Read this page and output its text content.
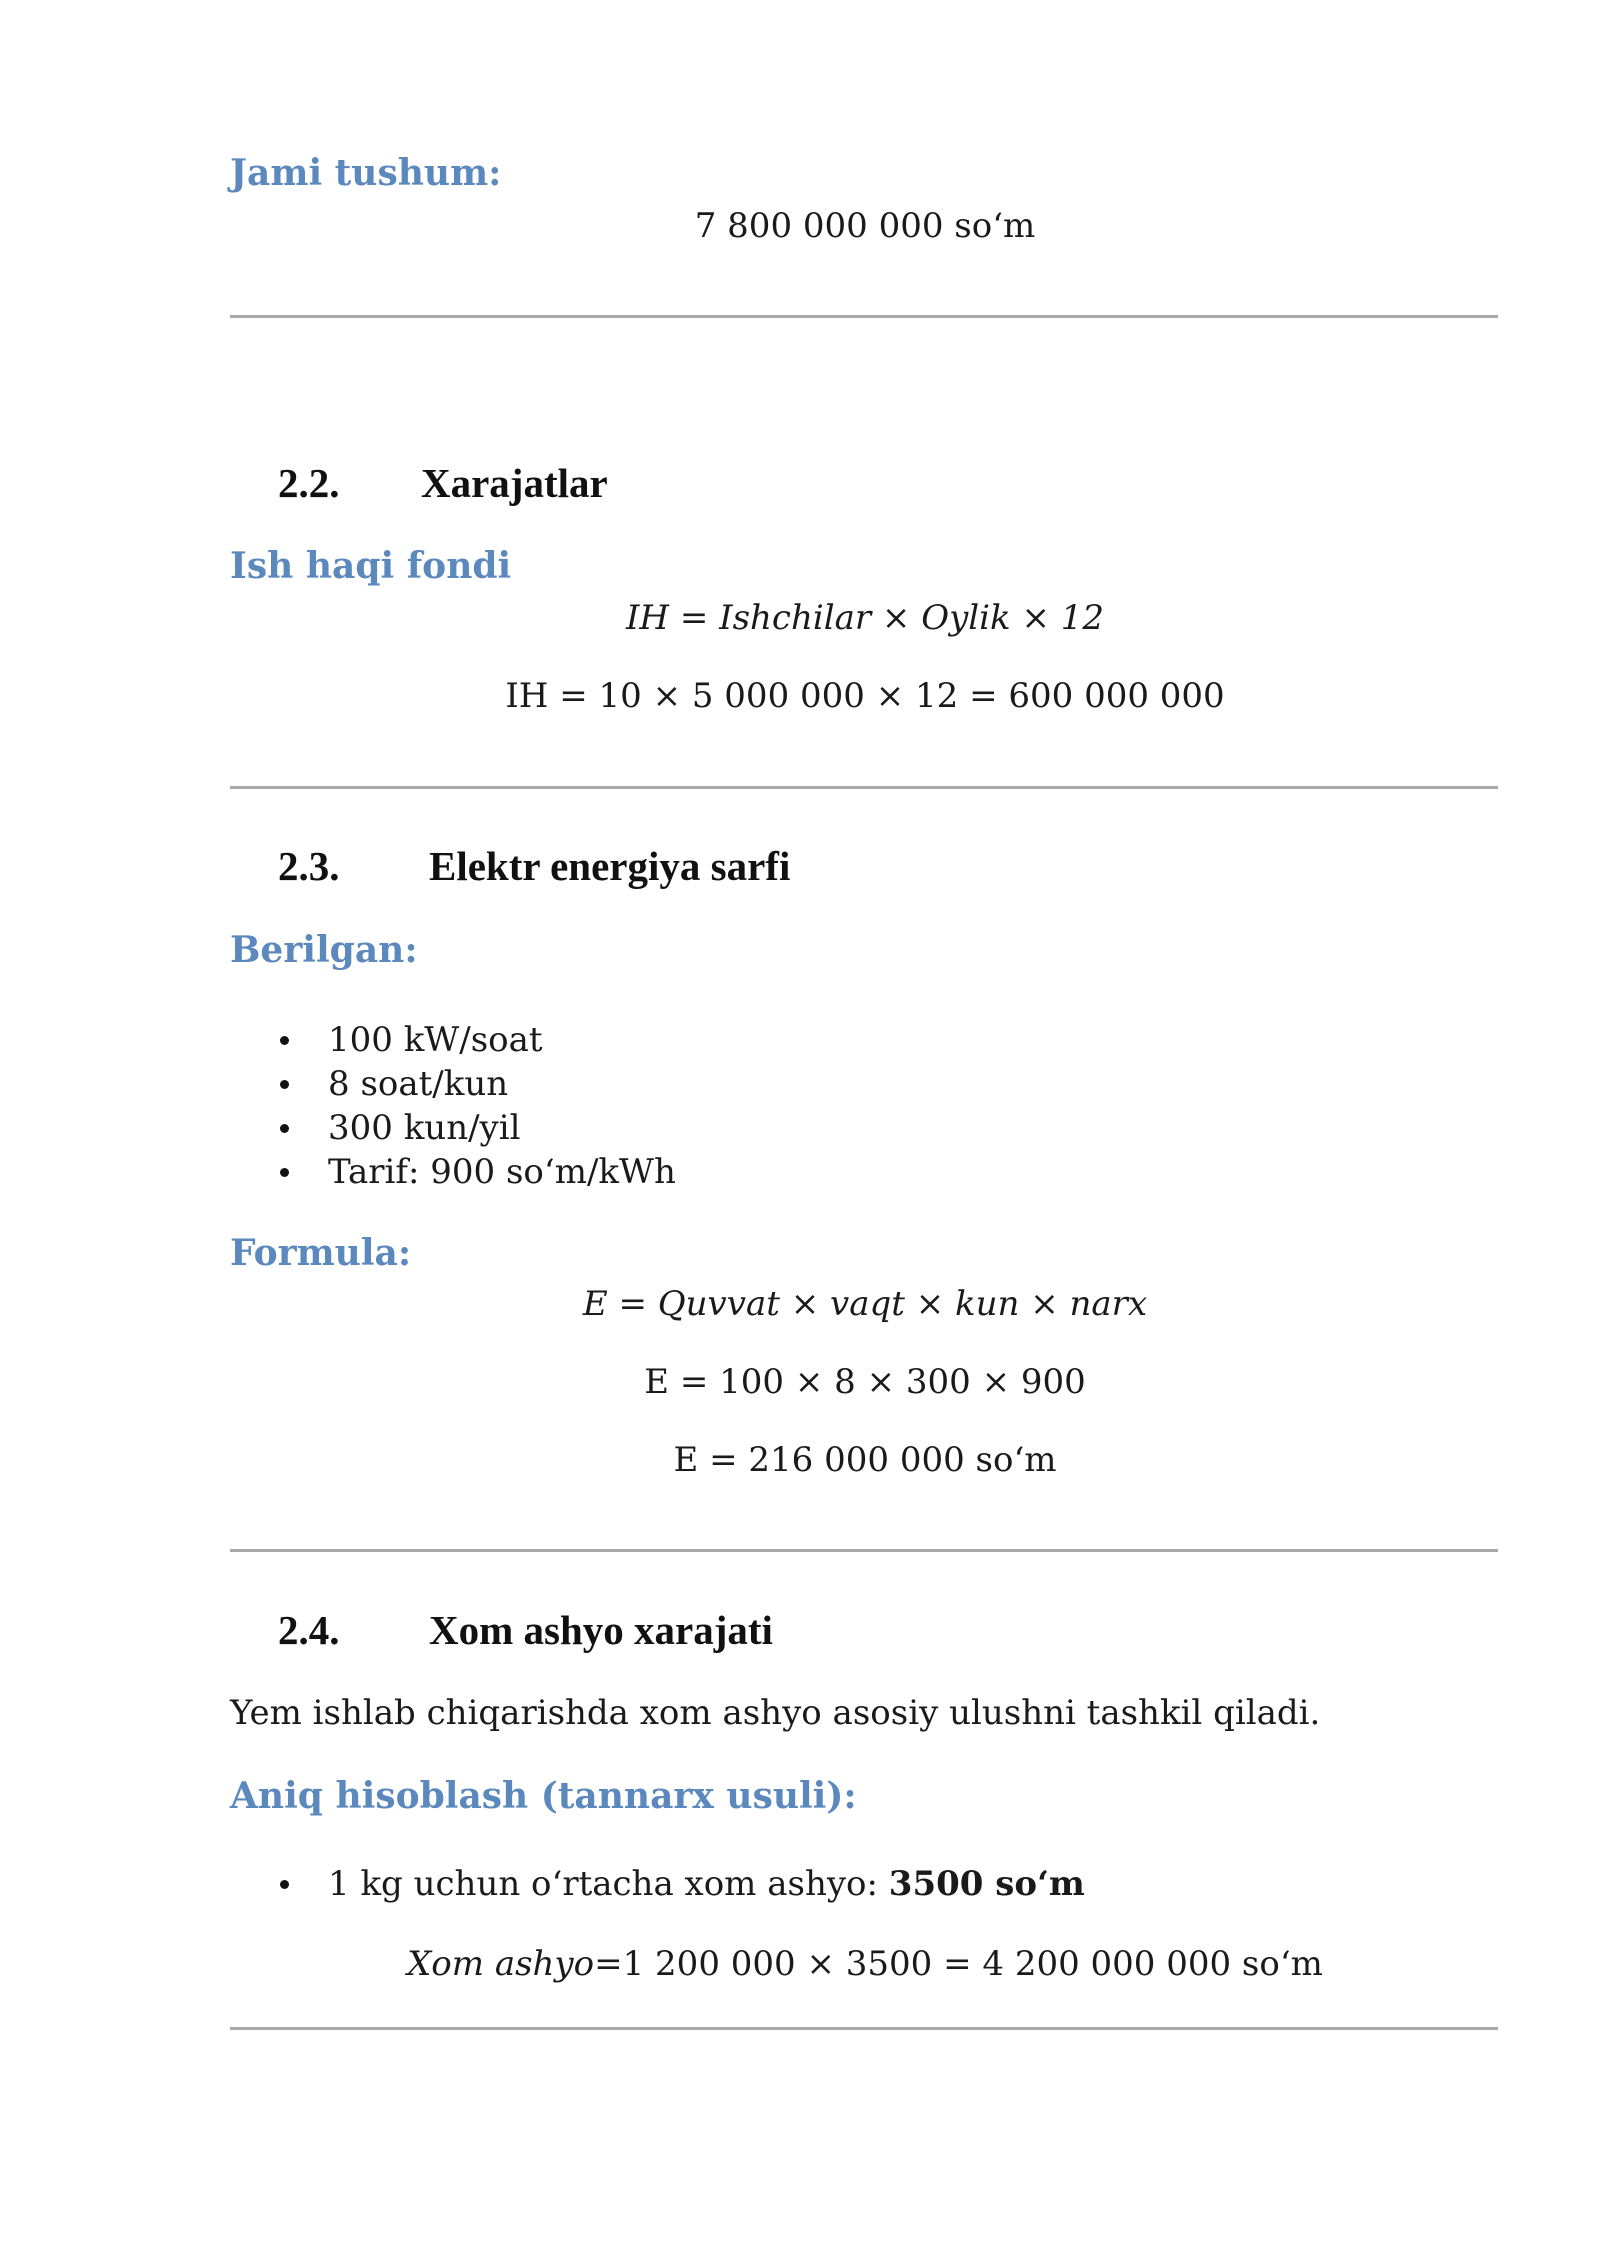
Jami tushum:
7 800 000 000 so‘m
2.2. Xarajatlar
Ish haqi fondi
IH = Ishchilar × Oylik × 12
IH = 10 × 5 000 000 × 12 = 600 000 000
2.3. Elektr energiya sarfi
Berilgan:
100 kW/soat
8 soat/kun
300 kun/yil
Tarif: 900 so‘m/kWh
Formula:
E = Quvvat × vaqt × kun × narx
E = 100 × 8 × 300 × 900
E = 216 000 000 so‘m
2.4. Xom ashyo xarajati
Yem ishlab chiqarishda xom ashyo asosiy ulushni tashkil qiladi.
Aniq hisoblash (tannarx usuli):
1 kg uchun o‘rtacha xom ashyo: 3500 so‘m
Xom ashyo=1 200 000 × 3500 = 4 200 000 000 so‘m
